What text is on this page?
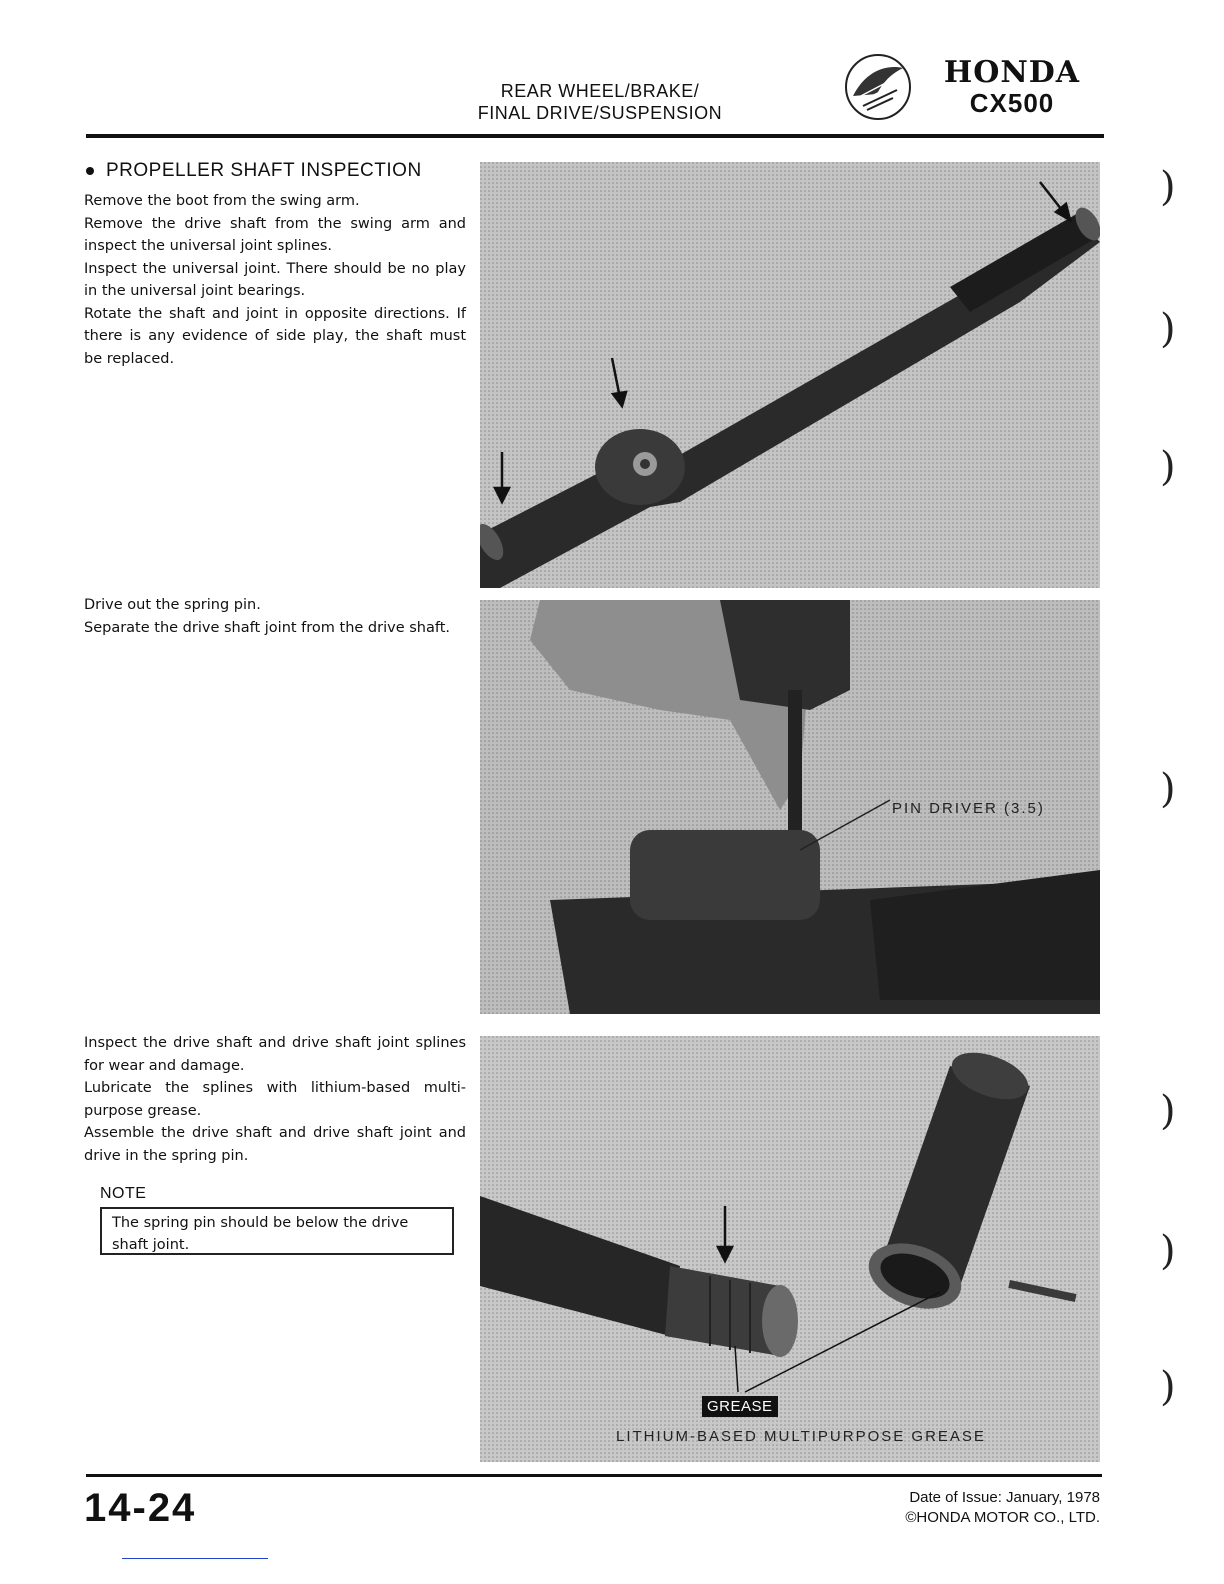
REAR WHEEL/BRAKE/
FINAL DRIVE/SUSPENSION
HONDA
CX500
PROPELLER SHAFT INSPECTION

Remove the boot from the swing arm.

Remove the drive shaft from the swing arm and inspect the universal joint splines.

Inspect the universal joint. There should be no play in the universal joint bearings.

Rotate the shaft and joint in opposite directions. If there is any evidence of side play, the shaft must be replaced.

Drive out the spring pin.

Separate the drive shaft joint from the drive shaft.

Inspect the drive shaft and drive shaft joint splines for wear and damage.

Lubricate the splines with lithium-based multi-purpose grease.

Assemble the drive shaft and drive shaft joint and drive in the spring pin.

NOTE
The spring pin should be below the drive shaft joint.
PIN DRIVER (3.5)
GREASE
LITHIUM-BASED MULTIPURPOSE GREASE
)
)
)
)
)
)
)
14-24	Date of Issue: January, 1978
©HONDA MOTOR CO., LTD.
